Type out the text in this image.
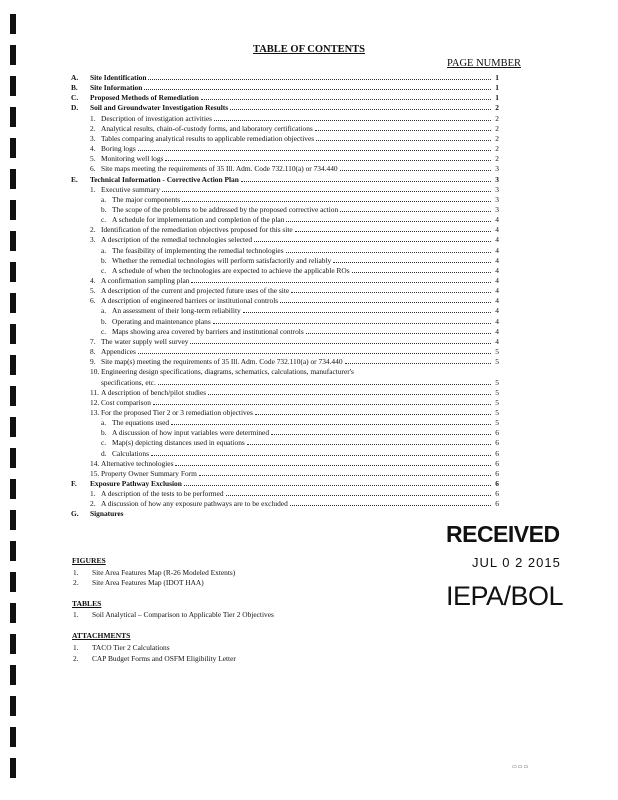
TABLE OF CONTENTS
PAGE NUMBER
A. Site Identification	1
B. Site Information	1
C. Proposed Methods of Remediation	1
D. Soil and Groundwater Investigation Results	2
1. Description of investigation activities	2
2. Analytical results, chain-of-custody forms, and laboratory certifications	2
3. Tables comparing analytical results to applicable remediation objectives	2
4. Boring logs	2
5. Monitoring well logs	2
6. Site maps meeting the requirements of 35 Ill. Adm. Code 732.110(a) or 734.440	3
E. Technical Information - Corrective Action Plan	3
1. Executive summary	3
a. The major components	3
b. The scope of the problems to be addressed by the proposed corrective action	3
c. A schedule for implementation and completion of the plan	4
2. Identification of the remediation objectives proposed for this site	4
3. A description of the remedial technologies selected	4
a. The feasibility of implementing the remedial technologies	4
b. Whether the remedial technologies will perform satisfactorily and reliably	4
c. A schedule of when the technologies are expected to achieve the applicable ROs	4
4. A confirmation sampling plan	4
5. A description of the current and projected future uses of the site	4
6. A description of engineered barriers or institutional controls	4
a. An assessment of their long-term reliability	4
b. Operating and maintenance plans	4
c. Maps showing area covered by barriers and institutional controls	4
7. The water supply well survey	4
8. Appendices	5
9. Site map(s) meeting the requirements of 35 Ill. Adm. Code 732.110(a) or 734.440	5
10. Engineering design specifications, diagrams, schematics, calculations, manufacturer's
specifications, etc.	5
11. A description of bench/pilot studies	5
12. Cost comparison	5
13. For the proposed Tier 2 or 3 remediation objectives	5
a. The equations used	5
b. A discussion of how input variables were determined	6
c. Map(s) depicting distances used in equations	6
d. Calculations	6
14. Alternative technologies	6
15. Property Owner Summary Form	6
F. Exposure Pathway Exclusion	6
1. A description of the tests to be performed	6
2. A discussion of how any exposure pathways are to be excluded	6
G. Signatures
FIGURES
1. Site Area Features Map (R-26 Modeled Extents)
2. Site Area Features Map (IDOT HAA)
TABLES
1. Soil Analytical – Comparison to Applicable Tier 2 Objectives
ATTACHMENTS
1. TACO Tier 2 Calculations
2. CAP Budget Forms and OSFM Eligibility Letter
RECEIVED
JUL 0 2 2015
IEPA/BOL
▭▭▭
